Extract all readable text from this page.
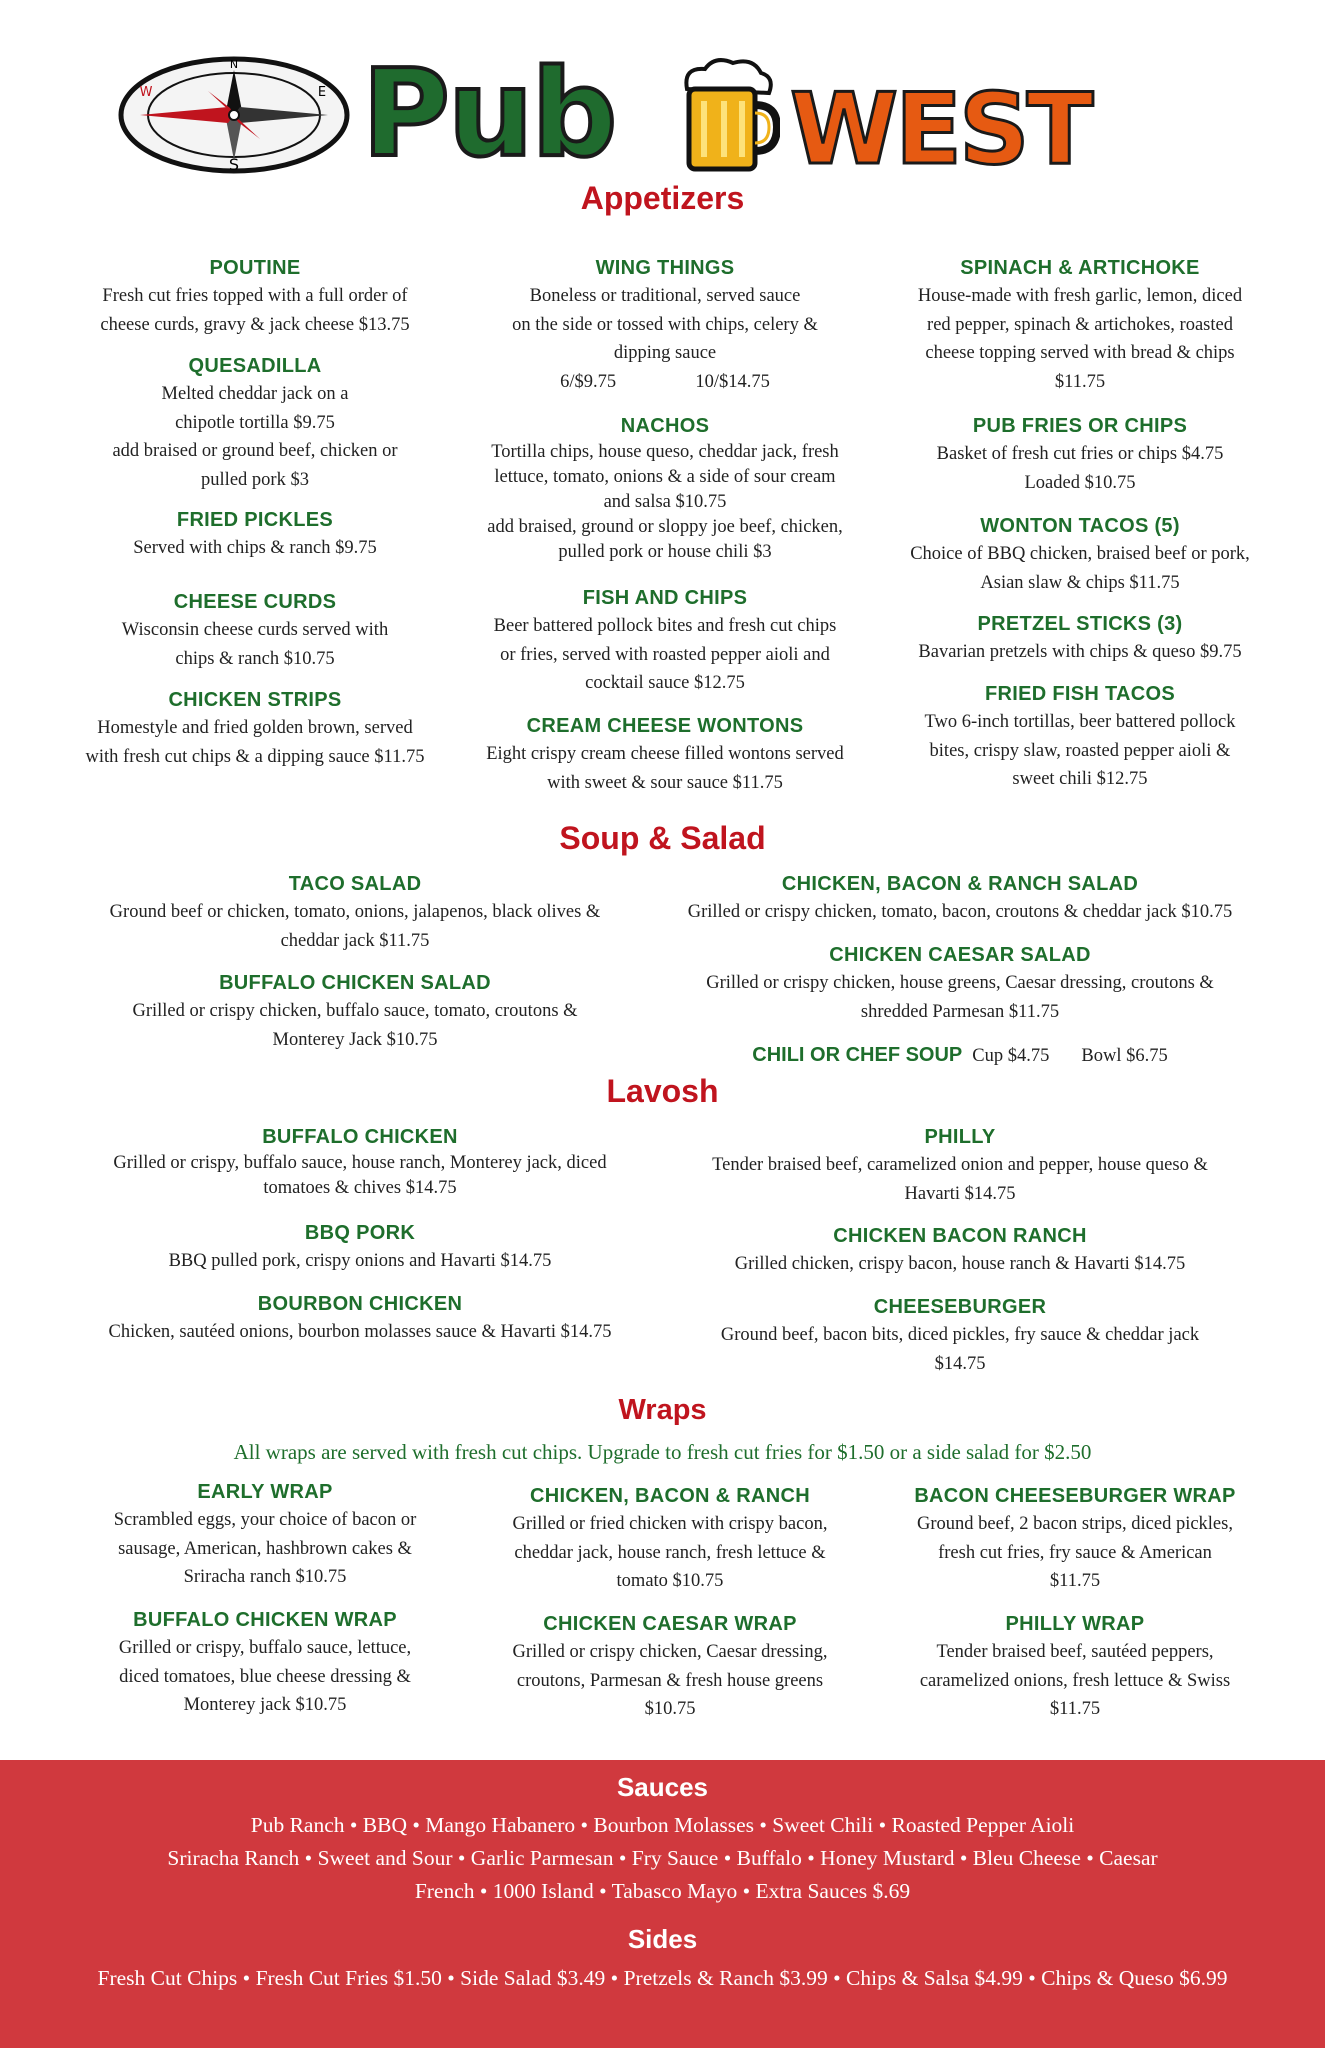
N
S
E
W Pub WEST
Appetizers
POUTINE
Fresh cut fries topped with a full order of
cheese curds, gravy & jack cheese $13.75
QUESADILLA
Melted cheddar jack on a
chipotle tortilla $9.75
add braised or ground beef, chicken or
pulled pork $3
FRIED PICKLES
Served with chips & ranch $9.75
CHEESE CURDS
Wisconsin cheese curds served with
chips & ranch $10.75
CHICKEN STRIPS
Homestyle and fried golden brown, served
with fresh cut chips & a dipping sauce $11.75
WING THINGS
Boneless or traditional, served sauce
on the side or tossed with chips, celery &
dipping sauce
6/$9.75	10/$14.75
NACHOS
Tortilla chips, house queso, cheddar jack, fresh
lettuce, tomato, onions & a side of sour cream
and salsa $10.75
add braised, ground or sloppy joe beef, chicken,
pulled pork or house chili $3
FISH AND CHIPS
Beer battered pollock bites and fresh cut chips
or fries, served with roasted pepper aioli and
cocktail sauce $12.75
CREAM CHEESE WONTONS
Eight crispy cream cheese filled wontons served
with sweet & sour sauce $11.75
SPINACH & ARTICHOKE
House-made with fresh garlic, lemon, diced
red pepper, spinach & artichokes, roasted
cheese topping served with bread & chips
$11.75
PUB FRIES OR CHIPS
Basket of fresh cut fries or chips $4.75
Loaded $10.75
WONTON TACOS (5)
Choice of BBQ chicken, braised beef or pork,
Asian slaw & chips $11.75
PRETZEL STICKS (3)
Bavarian pretzels with chips & queso $9.75
FRIED FISH TACOS
Two 6-inch tortillas, beer battered pollock
bites, crispy slaw, roasted pepper aioli &
sweet chili $12.75
Soup & Salad
TACO SALAD
Ground beef or chicken, tomato, onions, jalapenos, black olives &
cheddar jack $11.75
BUFFALO CHICKEN SALAD
Grilled or crispy chicken, buffalo sauce, tomato, croutons &
Monterey Jack $10.75
CHICKEN, BACON & RANCH SALAD
Grilled or crispy chicken, tomato, bacon, croutons & cheddar jack $10.75
CHICKEN CAESAR SALAD
Grilled or crispy chicken, house greens, Caesar dressing, croutons &
shredded Parmesan $11.75
CHILI OR CHEF SOUP Cup $4.75 Bowl $6.75
Lavosh
BUFFALO CHICKEN
Grilled or crispy, buffalo sauce, house ranch, Monterey jack, diced
tomatoes & chives $14.75
BBQ PORK
BBQ pulled pork, crispy onions and Havarti $14.75
BOURBON CHICKEN
Chicken, sautéed onions, bourbon molasses sauce & Havarti $14.75
PHILLY
Tender braised beef, caramelized onion and pepper, house queso &
Havarti $14.75
CHICKEN BACON RANCH
Grilled chicken, crispy bacon, house ranch & Havarti $14.75
CHEESEBURGER
Ground beef, bacon bits, diced pickles, fry sauce & cheddar jack
$14.75
Wraps
All wraps are served with fresh cut chips. Upgrade to fresh cut fries for $1.50 or a side salad for $2.50
EARLY WRAP
Scrambled eggs, your choice of bacon or
sausage, American, hashbrown cakes &
Sriracha ranch $10.75
BUFFALO CHICKEN WRAP
Grilled or crispy, buffalo sauce, lettuce,
diced tomatoes, blue cheese dressing &
Monterey jack $10.75
CHICKEN, BACON & RANCH
Grilled or fried chicken with crispy bacon,
cheddar jack, house ranch, fresh lettuce &
tomato $10.75
CHICKEN CAESAR WRAP
Grilled or crispy chicken, Caesar dressing,
croutons, Parmesan & fresh house greens
$10.75
BACON CHEESEBURGER WRAP
Ground beef, 2 bacon strips, diced pickles,
fresh cut fries, fry sauce & American
$11.75
PHILLY WRAP
Tender braised beef, sautéed peppers,
caramelized onions, fresh lettuce & Swiss
$11.75
Sauces
Pub Ranch • BBQ • Mango Habanero • Bourbon Molasses • Sweet Chili • Roasted Pepper Aioli
Sriracha Ranch • Sweet and Sour • Garlic Parmesan • Fry Sauce • Buffalo • Honey Mustard • Bleu Cheese • Caesar
French • 1000 Island • Tabasco Mayo • Extra Sauces $.69
Sides
Fresh Cut Chips • Fresh Cut Fries $1.50 • Side Salad $3.49 • Pretzels & Ranch $3.99 • Chips & Salsa $4.99 • Chips & Queso $6.99
